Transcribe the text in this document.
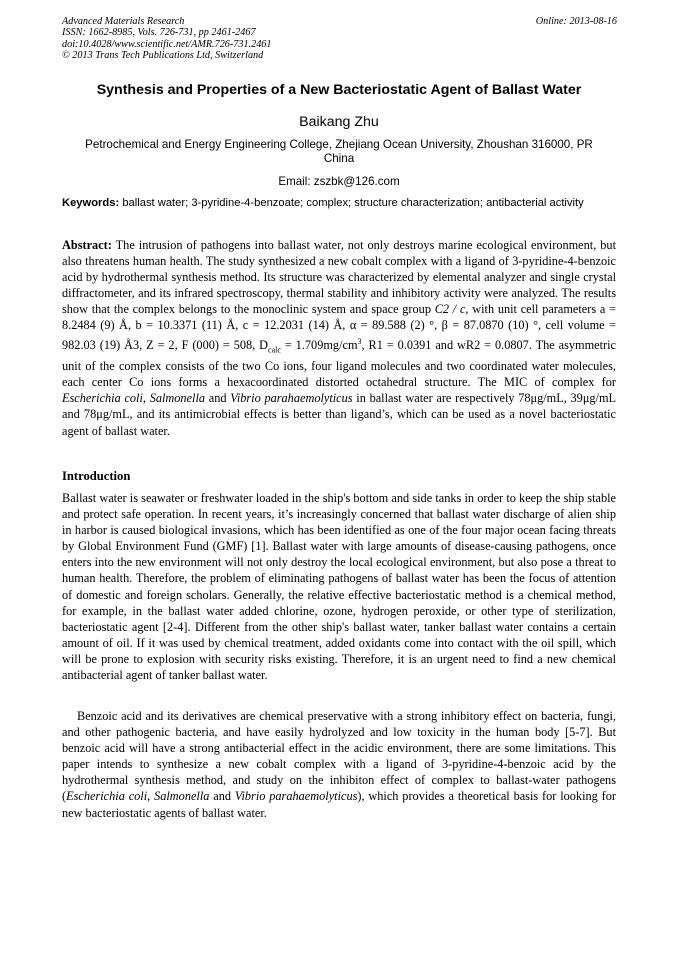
Advanced Materials Research
ISSN: 1662-8985, Vols. 726-731, pp 2461-2467
doi:10.4028/www.scientific.net/AMR.726-731.2461
© 2013 Trans Tech Publications Ltd, Switzerland
Online: 2013-08-16
Synthesis and Properties of a New Bacteriostatic Agent of Ballast Water
Baikang Zhu
Petrochemical and Energy Engineering College, Zhejiang Ocean University, Zhoushan 316000, PR China
Email: zszbk@126.com
Keywords: ballast water; 3-pyridine-4-benzoate; complex; structure characterization; antibacterial activity
Abstract: The intrusion of pathogens into ballast water, not only destroys marine ecological environment, but also threatens human health. The study synthesized a new cobalt complex with a ligand of 3-pyridine-4-benzoic acid by hydrothermal synthesis method. Its structure was characterized by elemental analyzer and single crystal diffractometer, and its infrared spectroscopy, thermal stability and inhibitory activity were analyzed. The results show that the complex belongs to the monoclinic system and space group C2 / c, with unit cell parameters a = 8.2484 (9) Å, b = 10.3371 (11) Å, c = 12.2031 (14) Å, α = 89.588 (2) °, β = 87.0870 (10) °, cell volume = 982.03 (19) Å3, Z = 2, F (000) = 508, $D_{calc} = 1.709mg/cm^3$, R1 = 0.0391 and wR2 = 0.0807. The asymmetric unit of the complex consists of the two Co ions, four ligand molecules and two coordinated water molecules, each center Co ions forms a hexacoordinated distorted octahedral structure. The MIC of complex for Escherichia coli, Salmonella and Vibrio parahaemolyticus in ballast water are respectively 78μg/mL, 39μg/mL and 78μg/mL, and its antimicrobial effects is better than ligand’s, which can be used as a novel bacteriostatic agent of ballast water.
Introduction
Ballast water is seawater or freshwater loaded in the ship's bottom and side tanks in order to keep the ship stable and protect safe operation. In recent years, it’s increasingly concerned that ballast water discharge of alien ship in harbor is caused biological invasions, which has been identified as one of the four major ocean facing threats by Global Environment Fund (GMF) [1]. Ballast water with large amounts of disease-causing pathogens, once enters into the new environment will not only destroy the local ecological environment, but also pose a threat to human health. Therefore, the problem of eliminating pathogens of ballast water has been the focus of attention of domestic and foreign scholars. Generally, the relative effective bacteriostatic method is a chemical method, for example, in the ballast water added chlorine, ozone, hydrogen peroxide, or other type of sterilization, bacteriostatic agent [2-4]. Different from the other ship's ballast water, tanker ballast water contains a certain amount of oil. If it was used by chemical treatment, added oxidants come into contact with the oil spill, which will be prone to explosion with security risks existing. Therefore, it is an urgent need to find a new chemical antibacterial agent of tanker ballast water.
Benzoic acid and its derivatives are chemical preservative with a strong inhibitory effect on bacteria, fungi, and other pathogenic bacteria, and have easily hydrolyzed and low toxicity in the human body [5-7]. But benzoic acid will have a strong antibacterial effect in the acidic environment, there are some limitations. This paper intends to synthesize a new cobalt complex with a ligand of 3-pyridine-4-benzoic acid by the hydrothermal synthesis method, and study on the inhibiton effect of complex to ballast-water pathogens (Escherichia coli, Salmonella and Vibrio parahaemolyticus), which provides a theoretical basis for looking for new bacteriostatic agents of ballast water.
